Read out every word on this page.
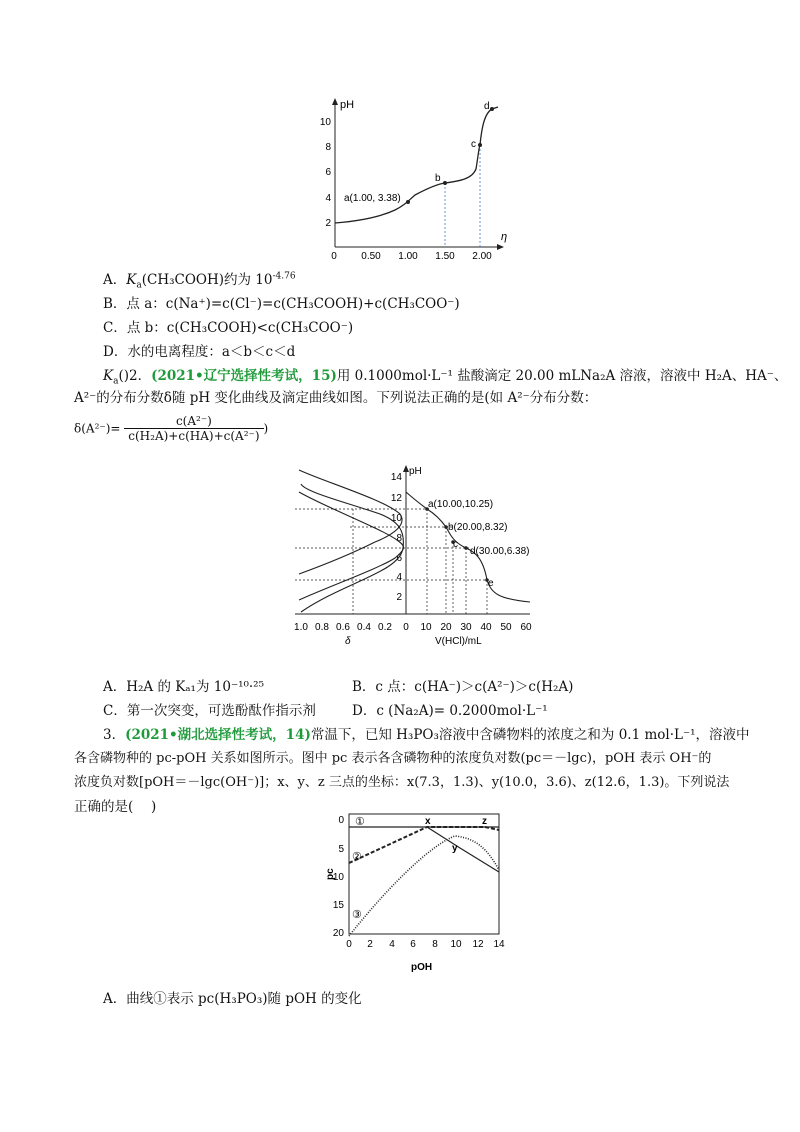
pH
η
2
4
6
8
10
0 0.50 1.00 1.50 2.00
a(1.00, 3.38)
b
c
d
A．$K_a(CH_3COOH)$约为 $10^{-4.76}$
B．点 a：c(Na⁺)=c(Cl⁻)=c(CH₃COOH)+c(CH₃COO⁻)
C．点 b：c(CH₃COOH)<c(CH₃COO⁻)
D．水的电离程度：a＜b＜c＜d
$K_a()2$．(2021•辽宁选择性考试，15)用 0.1000mol·L⁻¹ 盐酸滴定 20.00 mLNa₂A 溶液，溶液中 H₂A、HA⁻、
A²⁻的分布分数δ随 pH 变化曲线及滴定曲线如图。下列说法正确的是(如 A²⁻分布分数：
$\delta(A^{2-})= \frac{\text{c(A²⁻)}}{\text{c(H₂A)+c(HA)+c(A²⁻)}}$ )
pH
2
4
6
8
10
12
14
1.0 0.8 0.6 0.4 0.2 0 10 20 30 40 50 60
δ	V(HCl)/mL
a(10.00,10.25)
b(20.00,8.32)
c
d(30.00,6.38)
e
A．H₂A 的 Kₐ₁为 10⁻¹⁰·²⁵	B．c 点：c(HA⁻)＞c(A²⁻)＞c(H₂A)
C．第一次突变，可选酚酞作指示剂	D．c (Na₂A)= 0.2000mol·L⁻¹
3．(2021•湖北选择性考试，14)常温下，已知 H₃PO₃溶液中含磷物料的浓度之和为 0.1 mol·L⁻¹，溶液中
各含磷物种的 pc-pOH 关系如图所示。图中 pc 表示各含磷物种的浓度负对数(pc＝－lgc)，pOH 表示 OH⁻的
浓度负对数[pOH＝－lgc(OH⁻)]；x、y、z 三点的坐标：x(7.3，1.3)、y(10.0，3.6)、z(12.6，1.3)。下列说法
正确的是(　 )
pc
pOH
0
5
10
15
20
0 2 4 6 8 10 12 14
①
②
③
x
y
z
A．曲线①表示 pc(H₃PO₃)随 pOH 的变化
